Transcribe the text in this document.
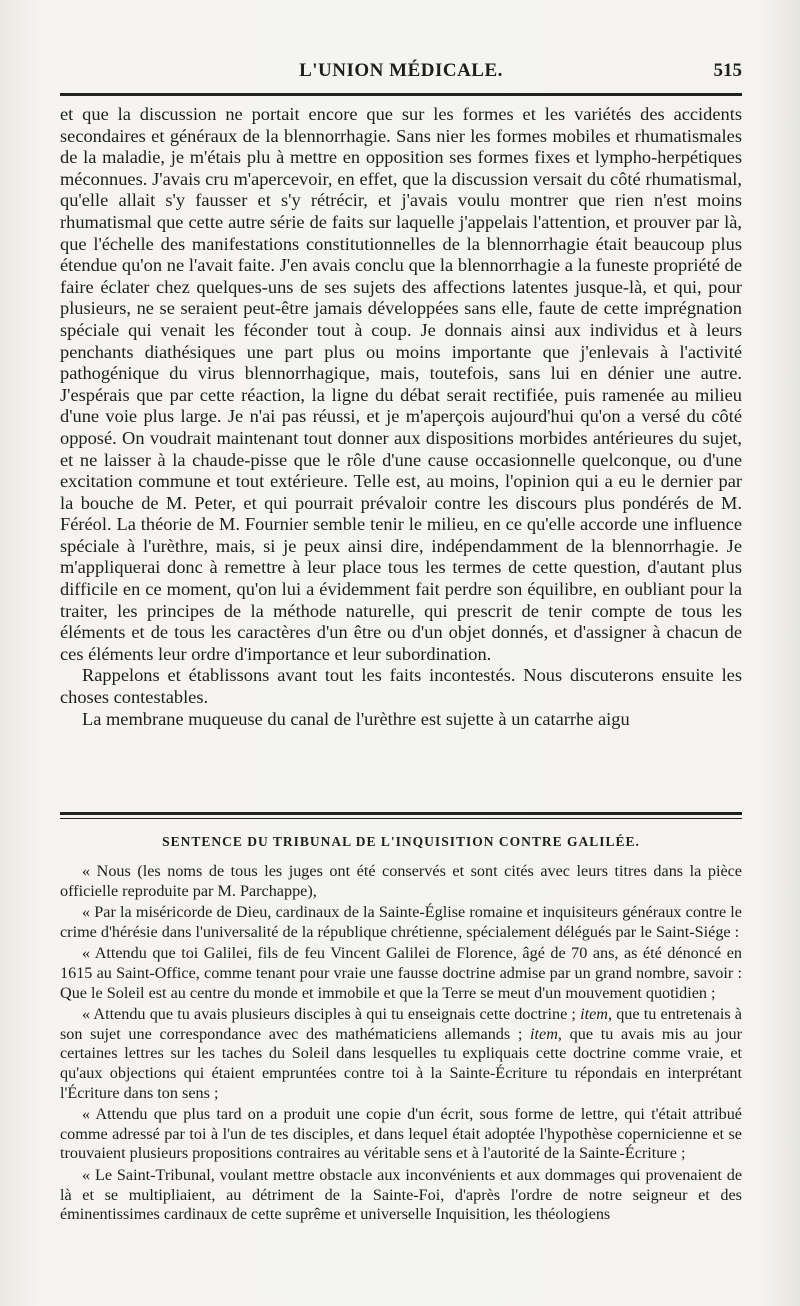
L'UNION MÉDICALE.	515

et que la discussion ne portait encore que sur les formes et les variétés des accidents secondaires et généraux de la blennorrhagie. Sans nier les formes mobiles et rhumatismales de la maladie, je m'étais plu à mettre en opposition ses formes fixes et lympho-herpétiques méconnues. J'avais cru m'apercevoir, en effet, que la discussion versait du côté rhumatismal, qu'elle allait s'y fausser et s'y rétrécir, et j'avais voulu montrer que rien n'est moins rhumatismal que cette autre série de faits sur laquelle j'appelais l'attention, et prouver par là, que l'échelle des manifestations constitutionnelles de la blennorrhagie était beaucoup plus étendue qu'on ne l'avait faite. J'en avais conclu que la blennorrhagie a la funeste propriété de faire éclater chez quelques-uns de ses sujets des affections latentes jusque-là, et qui, pour plusieurs, ne se seraient peut-être jamais développées sans elle, faute de cette imprégnation spéciale qui venait les féconder tout à coup. Je donnais ainsi aux individus et à leurs penchants diathésiques une part plus ou moins importante que j'enlevais à l'activité pathogénique du virus blennorrhagique, mais, toutefois, sans lui en dénier une autre. J'espérais que par cette réaction, la ligne du débat serait rectifiée, puis ramenée au milieu d'une voie plus large. Je n'ai pas réussi, et je m'aperçois aujourd'hui qu'on a versé du côté opposé. On voudrait maintenant tout donner aux dispositions morbides antérieures du sujet, et ne laisser à la chaude-pisse que le rôle d'une cause occasionnelle quelconque, ou d'une excitation commune et tout extérieure. Telle est, au moins, l'opinion qui a eu le dernier par la bouche de M. Peter, et qui pourrait prévaloir contre les discours plus pondérés de M. Féréol. La théorie de M. Fournier semble tenir le milieu, en ce qu'elle accorde une influence spéciale à l'urèthre, mais, si je peux ainsi dire, indépendamment de la blennorrhagie. Je m'appliquerai donc à remettre à leur place tous les termes de cette question, d'autant plus difficile en ce moment, qu'on lui a évidemment fait perdre son équilibre, en oubliant pour la traiter, les principes de la méthode naturelle, qui prescrit de tenir compte de tous les éléments et de tous les caractères d'un être ou d'un objet donnés, et d'assigner à chacun de ces éléments leur ordre d'importance et leur subordination.

Rappelons et établissons avant tout les faits incontestés. Nous discuterons ensuite les choses contestables.

La membrane muqueuse du canal de l'urèthre est sujette à un catarrhe aigu

SENTENCE DU TRIBUNAL DE L'INQUISITION CONTRE GALILÉE.

« Nous (les noms de tous les juges ont été conservés et sont cités avec leurs titres dans la pièce officielle reproduite par M. Parchappe),

« Par la miséricorde de Dieu, cardinaux de la Sainte-Église romaine et inquisiteurs généraux contre le crime d'hérésie dans l'universalité de la république chrétienne, spécialement délégués par le Saint-Siége :

« Attendu que toi Galilei, fils de feu Vincent Galilei de Florence, âgé de 70 ans, as été dénoncé en 1615 au Saint-Office, comme tenant pour vraie une fausse doctrine admise par un grand nombre, savoir : Que le Soleil est au centre du monde et immobile et que la Terre se meut d'un mouvement quotidien ;

« Attendu que tu avais plusieurs disciples à qui tu enseignais cette doctrine ; item, que tu entretenais à son sujet une correspondance avec des mathématiciens allemands ; item, que tu avais mis au jour certaines lettres sur les taches du Soleil dans lesquelles tu expliquais cette doctrine comme vraie, et qu'aux objections qui étaient empruntées contre toi à la Sainte-Écriture tu répondais en interprétant l'Écriture dans ton sens ;

« Attendu que plus tard on a produit une copie d'un écrit, sous forme de lettre, qui t'était attribué comme adressé par toi à l'un de tes disciples, et dans lequel était adoptée l'hypothèse copernicienne et se trouvaient plusieurs propositions contraires au véritable sens et à l'autorité de la Sainte-Écriture ;

« Le Saint-Tribunal, voulant mettre obstacle aux inconvénients et aux dommages qui provenaient de là et se multipliaient, au détriment de la Sainte-Foi, d'après l'ordre de notre seigneur et des éminentissimes cardinaux de cette suprême et universelle Inquisition, les théologiens
